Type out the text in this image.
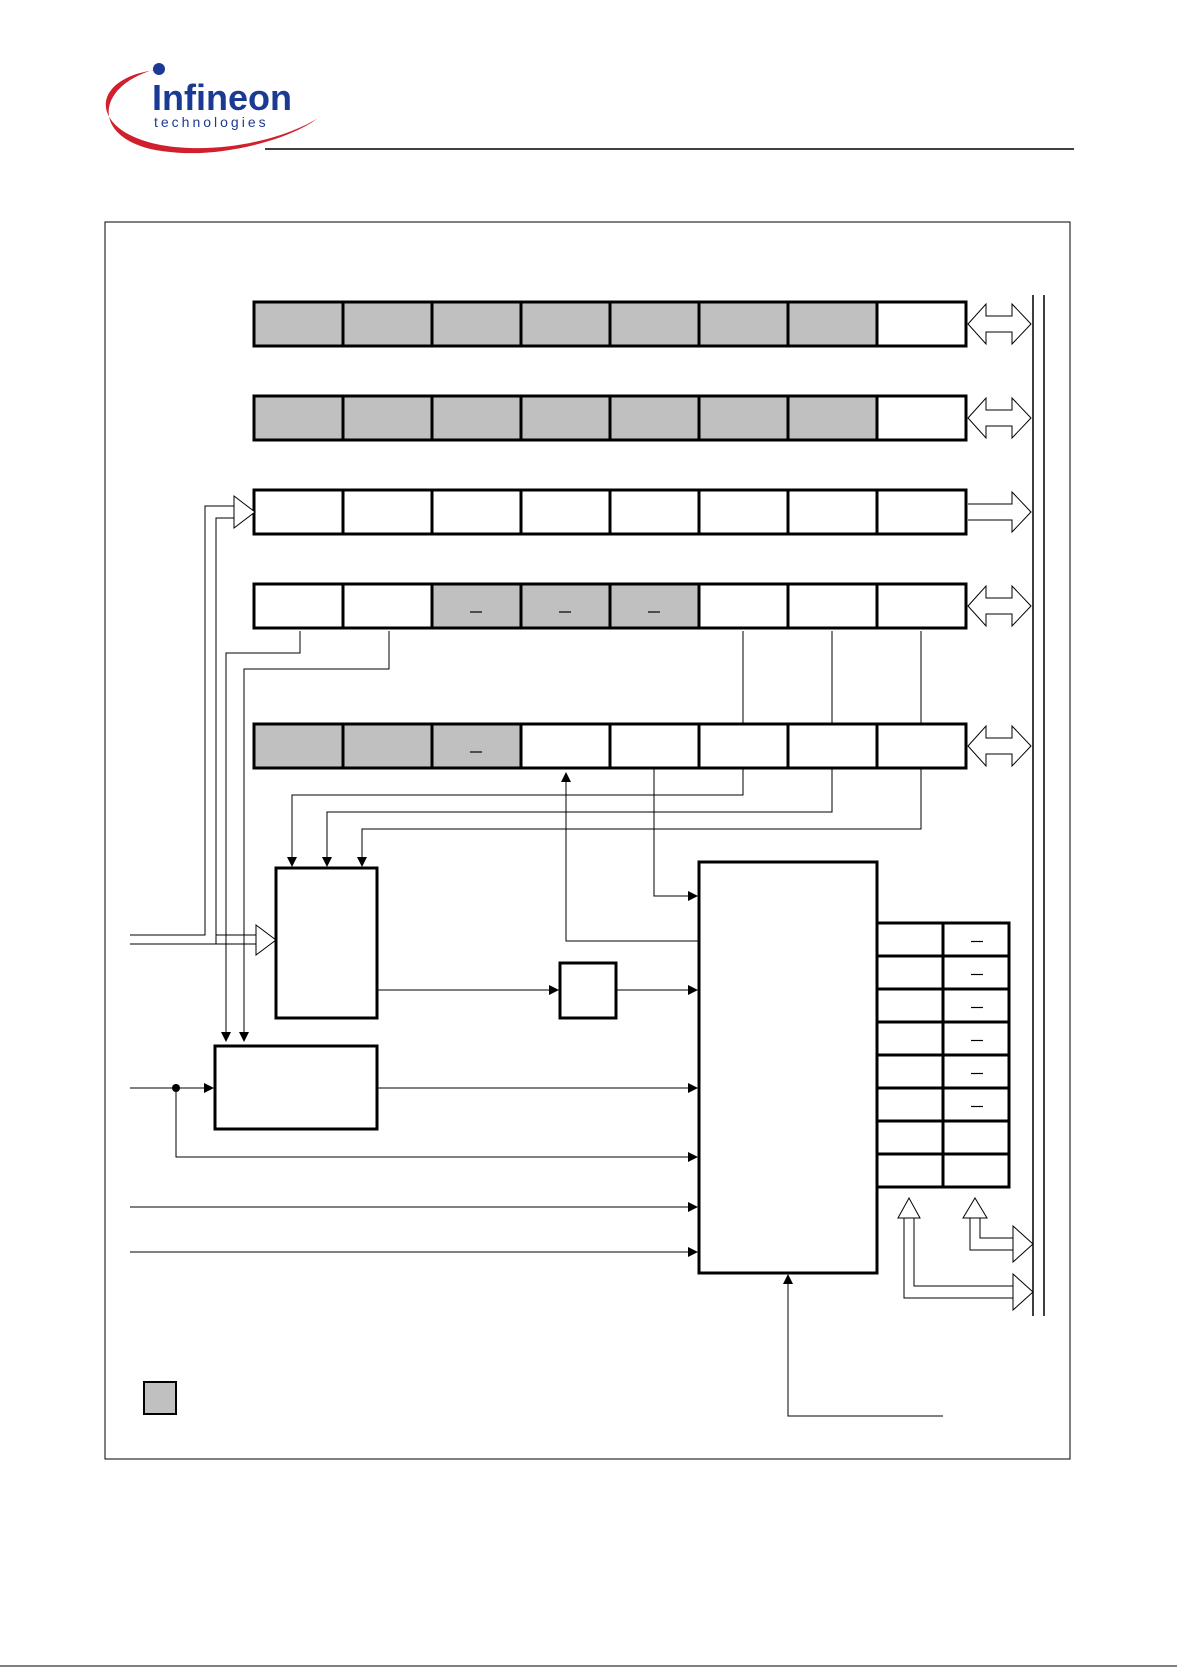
Infineon
technologies
